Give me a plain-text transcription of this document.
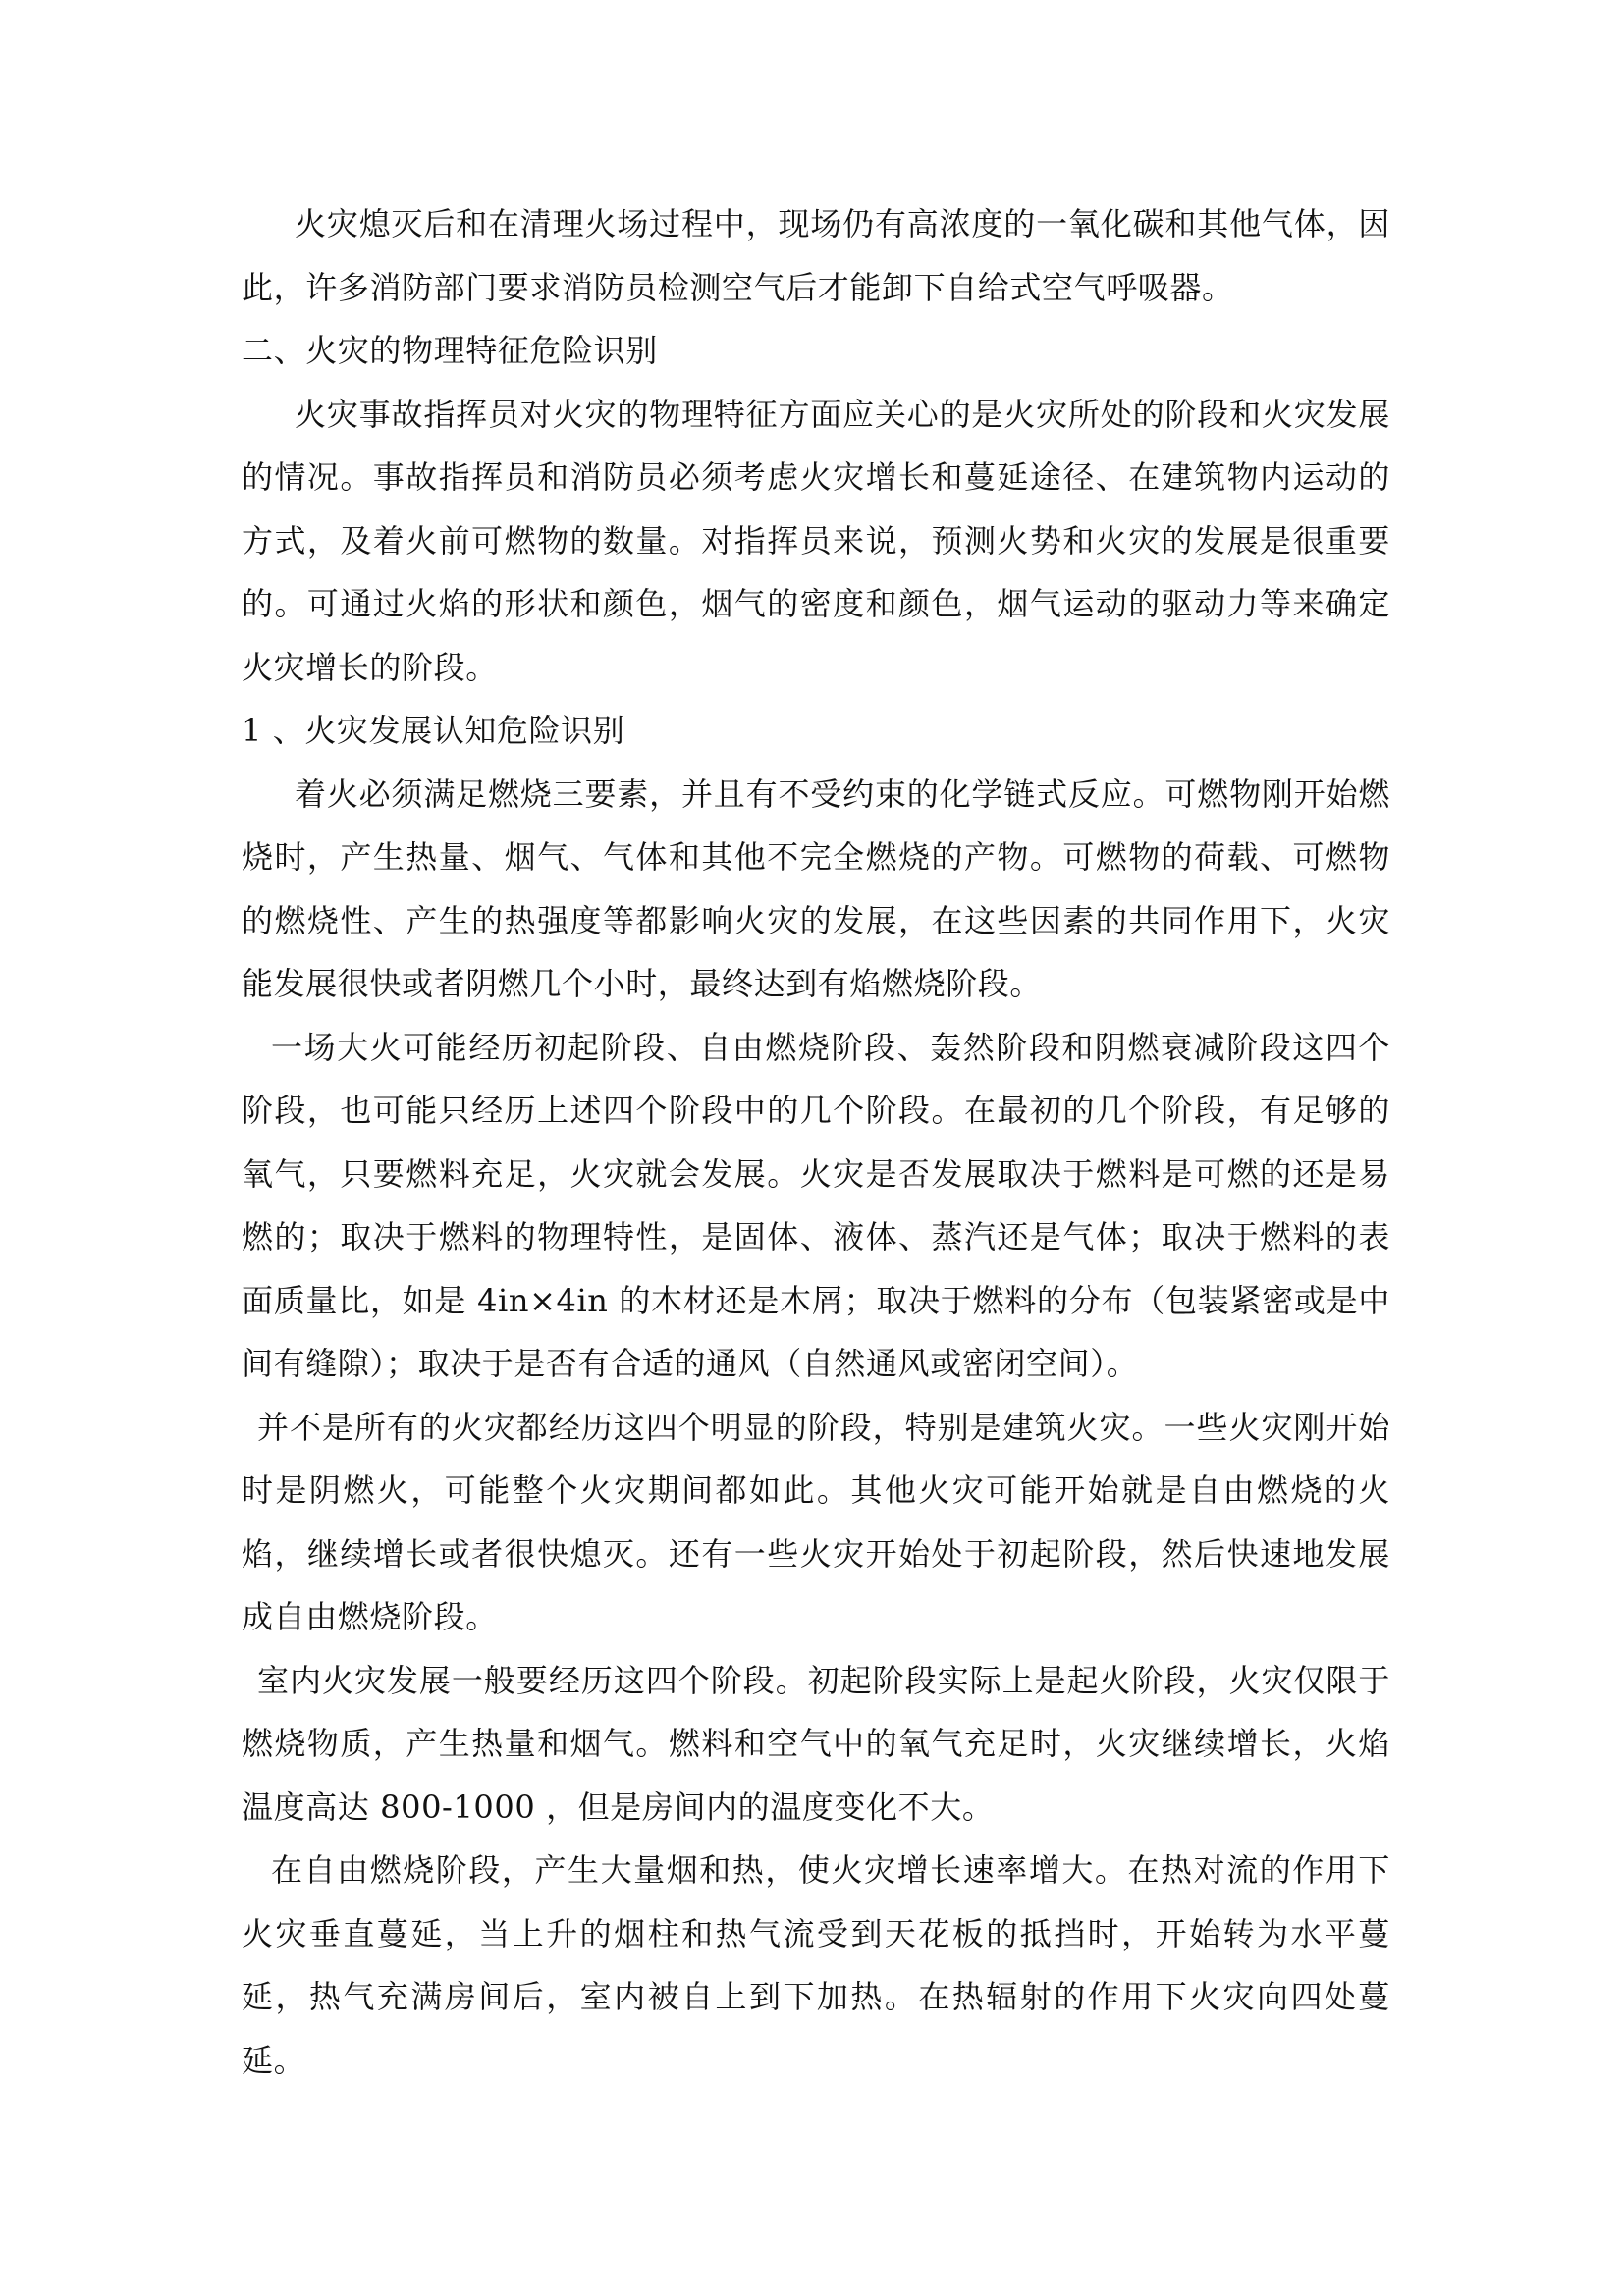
火灾熄灭后和在清理火场过程中，现场仍有高浓度的一氧化碳和其他气体，因此，许多消防部门要求消防员检测空气后才能卸下自给式空气呼吸器。

二、火灾的物理特征危险识别

火灾事故指挥员对火灾的物理特征方面应关心的是火灾所处的阶段和火灾发展的情况。事故指挥员和消防员必须考虑火灾增长和蔓延途径、在建筑物内运动的方式，及着火前可燃物的数量。对指挥员来说，预测火势和火灾的发展是很重要的。可通过火焰的形状和颜色，烟气的密度和颜色，烟气运动的驱动力等来确定火灾增长的阶段。

1 、火灾发展认知危险识别

着火必须满足燃烧三要素，并且有不受约束的化学链式反应。可燃物刚开始燃烧时，产生热量、烟气、气体和其他不完全燃烧的产物。可燃物的荷载、可燃物的燃烧性、产生的热强度等都影响火灾的发展，在这些因素的共同作用下，火灾能发展很快或者阴燃几个小时，最终达到有焰燃烧阶段。

一场大火可能经历初起阶段、自由燃烧阶段、轰然阶段和阴燃衰减阶段这四个阶段，也可能只经历上述四个阶段中的几个阶段。在最初的几个阶段，有足够的氧气，只要燃料充足，火灾就会发展。火灾是否发展取决于燃料是可燃的还是易燃的；取决于燃料的物理特性，是固体、液体、蒸汽还是气体；取决于燃料的表面质量比，如是 4in×4in 的木材还是木屑；取决于燃料的分布（包装紧密或是中间有缝隙）；取决于是否有合适的通风（自然通风或密闭空间）。

并不是所有的火灾都经历这四个明显的阶段，特别是建筑火灾。一些火灾刚开始时是阴燃火，可能整个火灾期间都如此。其他火灾可能开始就是自由燃烧的火焰，继续增长或者很快熄灭。还有一些火灾开始处于初起阶段，然后快速地发展成自由燃烧阶段。

室内火灾发展一般要经历这四个阶段。初起阶段实际上是起火阶段，火灾仅限于燃烧物质，产生热量和烟气。燃料和空气中的氧气充足时，火灾继续增长，火焰温度高达 800-1000 ，但是房间内的温度变化不大。

在自由燃烧阶段，产生大量烟和热，使火灾增长速率增大。在热对流的作用下火灾垂直蔓延，当上升的烟柱和热气流受到天花板的抵挡时，开始转为水平蔓延，热气充满房间后，室内被自上到下加热。在热辐射的作用下火灾向四处蔓延。
